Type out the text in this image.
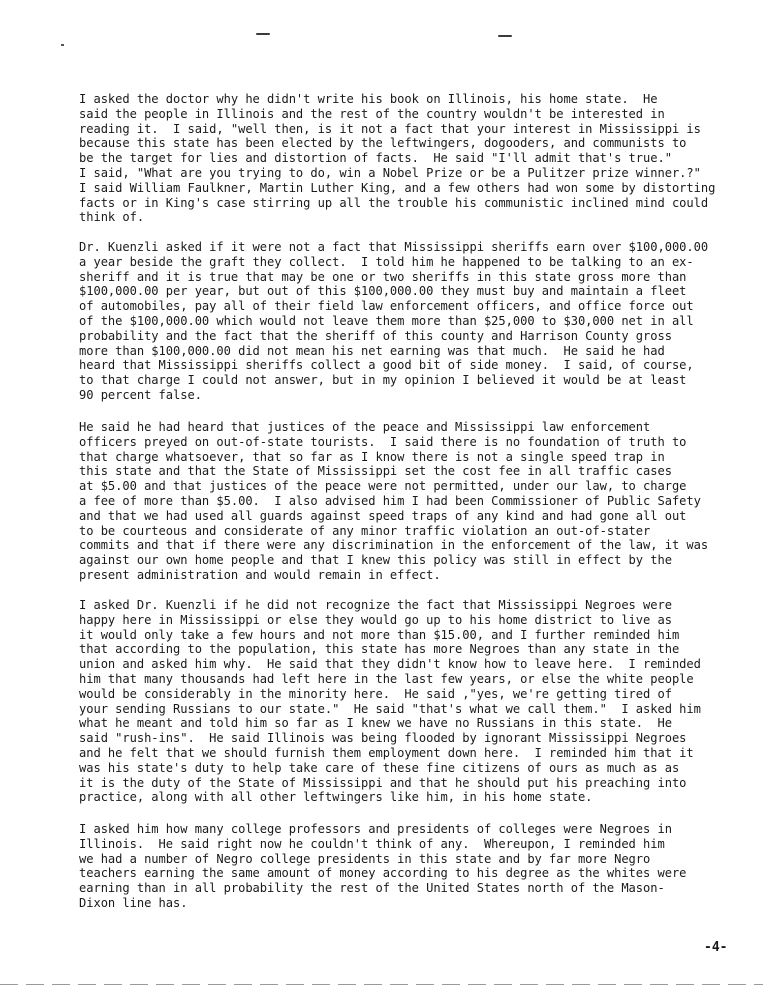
I asked the doctor why he didn't write his book on Illinois, his home state.  He
said the people in Illinois and the rest of the country wouldn't be interested in
reading it.  I said, "well then, is it not a fact that your interest in Mississippi is
because this state has been elected by the leftwingers, dogooders, and communists to
be the target for lies and distortion of facts.  He said "I'll admit that's true."
I said, "What are you trying to do, win a Nobel Prize or be a Pulitzer prize winner.?"
I said William Faulkner, Martin Luther King, and a few others had won some by distorting
facts or in King's case stirring up all the trouble his communistic inclined mind could
think of.

Dr. Kuenzli asked if it were not a fact that Mississippi sheriffs earn over $100,000.00
a year beside the graft they collect.  I told him he happened to be talking to an ex-
sheriff and it is true that may be one or two sheriffs in this state gross more than
$100,000.00 per year, but out of this $100,000.00 they must buy and maintain a fleet
of automobiles, pay all of their field law enforcement officers, and office force out
of the $100,000.00 which would not leave them more than $25,000 to $30,000 net in all
probability and the fact that the sheriff of this county and Harrison County gross
more than $100,000.00 did not mean his net earning was that much.  He said he had
heard that Mississippi sheriffs collect a good bit of side money.  I said, of course,
to that charge I could not answer, but in my opinion I believed it would be at least
90 percent false.

He said he had heard that justices of the peace and Mississippi law enforcement
officers preyed on out-of-state tourists.  I said there is no foundation of truth to
that charge whatsoever, that so far as I know there is not a single speed trap in
this state and that the State of Mississippi set the cost fee in all traffic cases
at $5.00 and that justices of the peace were not permitted, under our law, to charge
a fee of more than $5.00.  I also advised him I had been Commissioner of Public Safety
and that we had used all guards against speed traps of any kind and had gone all out
to be courteous and considerate of any minor traffic violation an out-of-stater
commits and that if there were any discrimination in the enforcement of the law, it was
against our own home people and that I knew this policy was still in effect by the
present administration and would remain in effect.

I asked Dr. Kuenzli if he did not recognize the fact that Mississippi Negroes were
happy here in Mississippi or else they would go up to his home district to live as
it would only take a few hours and not more than $15.00, and I further reminded him
that according to the population, this state has more Negroes than any state in the
union and asked him why.  He said that they didn't know how to leave here.  I reminded
him that many thousands had left here in the last few years, or else the white people
would be considerably in the minority here.  He said ,"yes, we're getting tired of
your sending Russians to our state."  He said "that's what we call them."  I asked him
what he meant and told him so far as I knew we have no Russians in this state.  He
said "rush-ins".  He said Illinois was being flooded by ignorant Mississippi Negroes
and he felt that we should furnish them employment down here.  I reminded him that it
was his state's duty to help take care of these fine citizens of ours as much as as
it is the duty of the State of Mississippi and that he should put his preaching into
practice, along with all other leftwingers like him, in his home state.

I asked him how many college professors and presidents of colleges were Negroes in
Illinois.  He said right now he couldn't think of any.  Whereupon, I reminded him
we had a number of Negro college presidents in this state and by far more Negro
teachers earning the same amount of money according to his degree as the whites were
earning than in all probability the rest of the United States north of the Mason-
Dixon line has.

-4-
